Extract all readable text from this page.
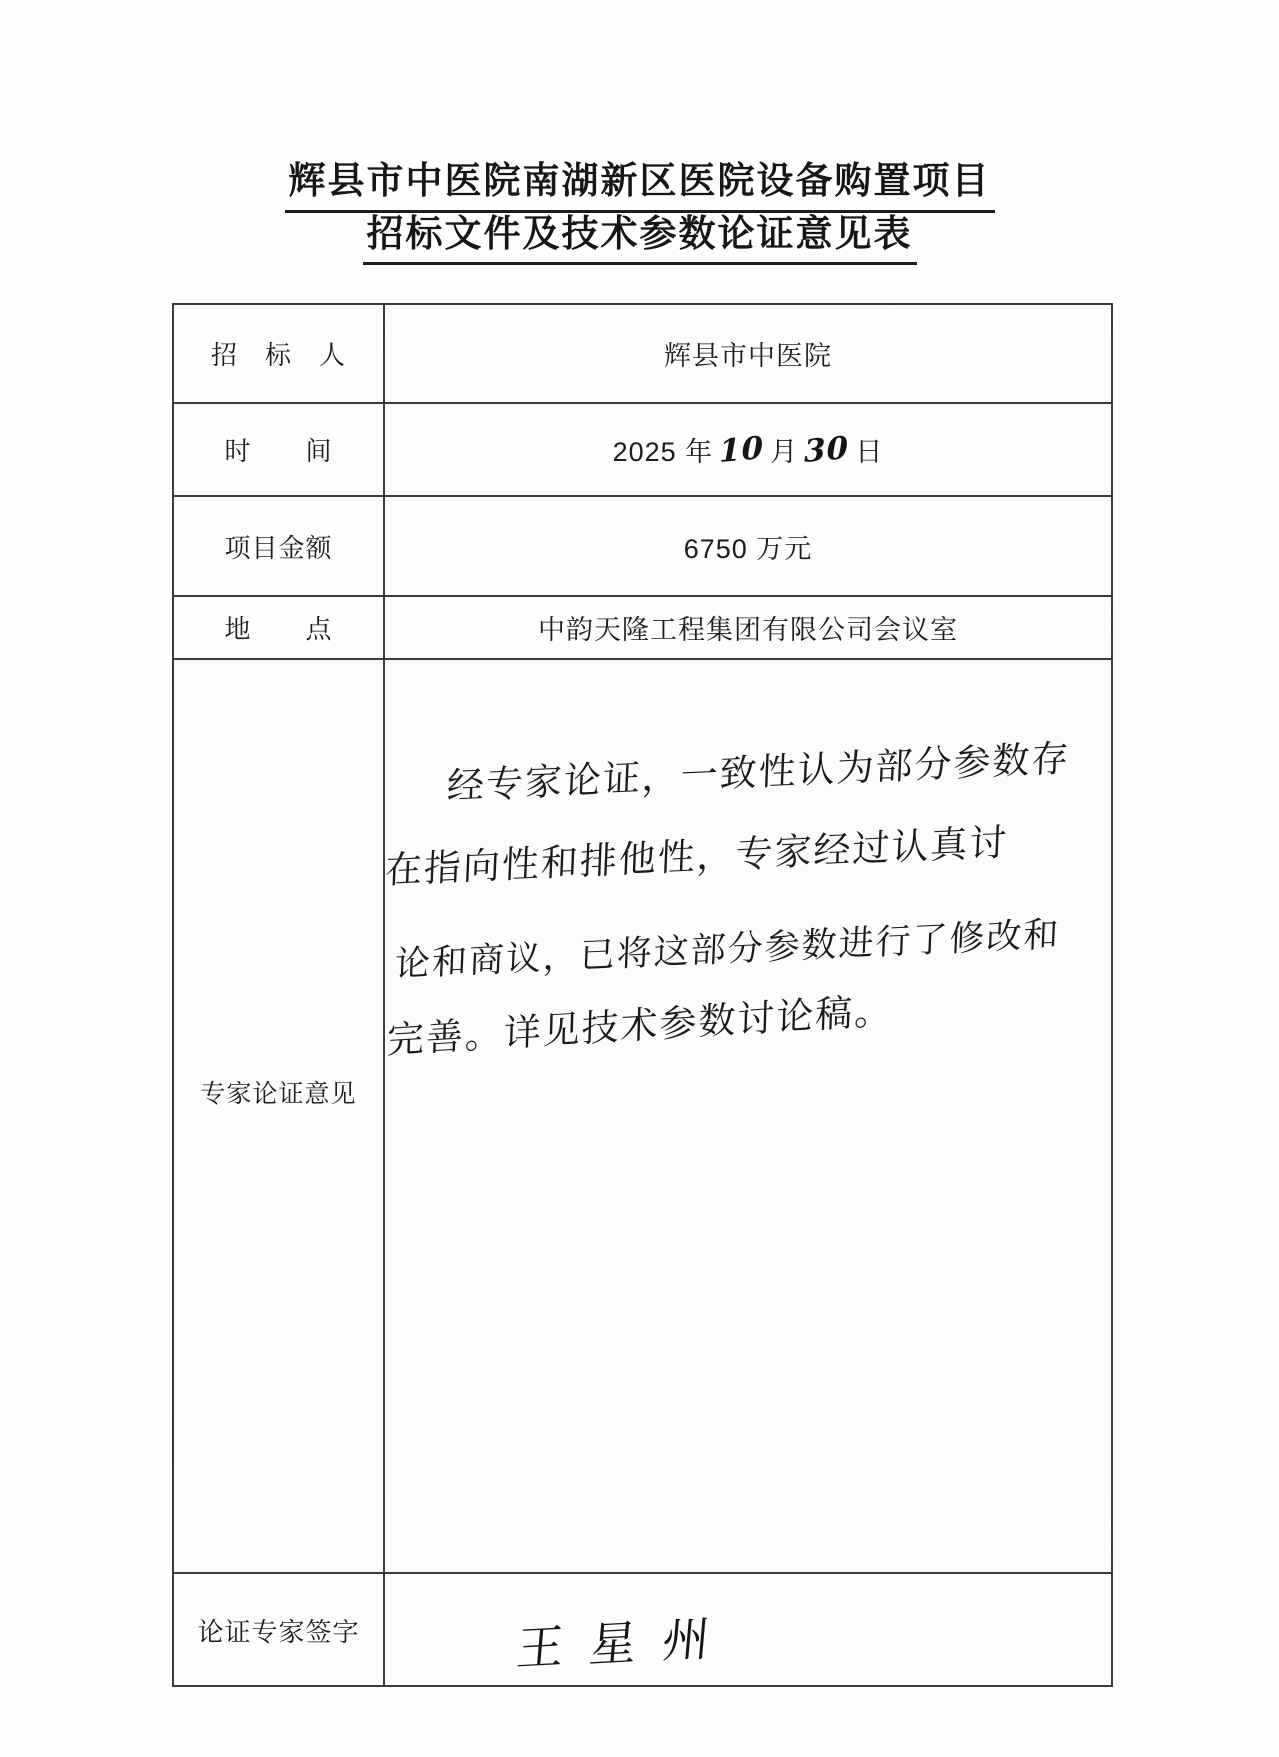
辉县市中医院南湖新区医院设备购置项目
招标文件及技术参数论证意见表
招　标　人	辉县市中医院
时　　间	2025 年 10 月 30 日
项目金额	6750 万元
地　　点	中韵天隆工程集团有限公司会议室
专家论证意见
经专家论证，一致性认为部分参数存
在指向性和排他性，专家经过认真讨
论和商议，已将这部分参数进行了修改和
完善。详见技术参数讨论稿。
论证专家签字	王星州
